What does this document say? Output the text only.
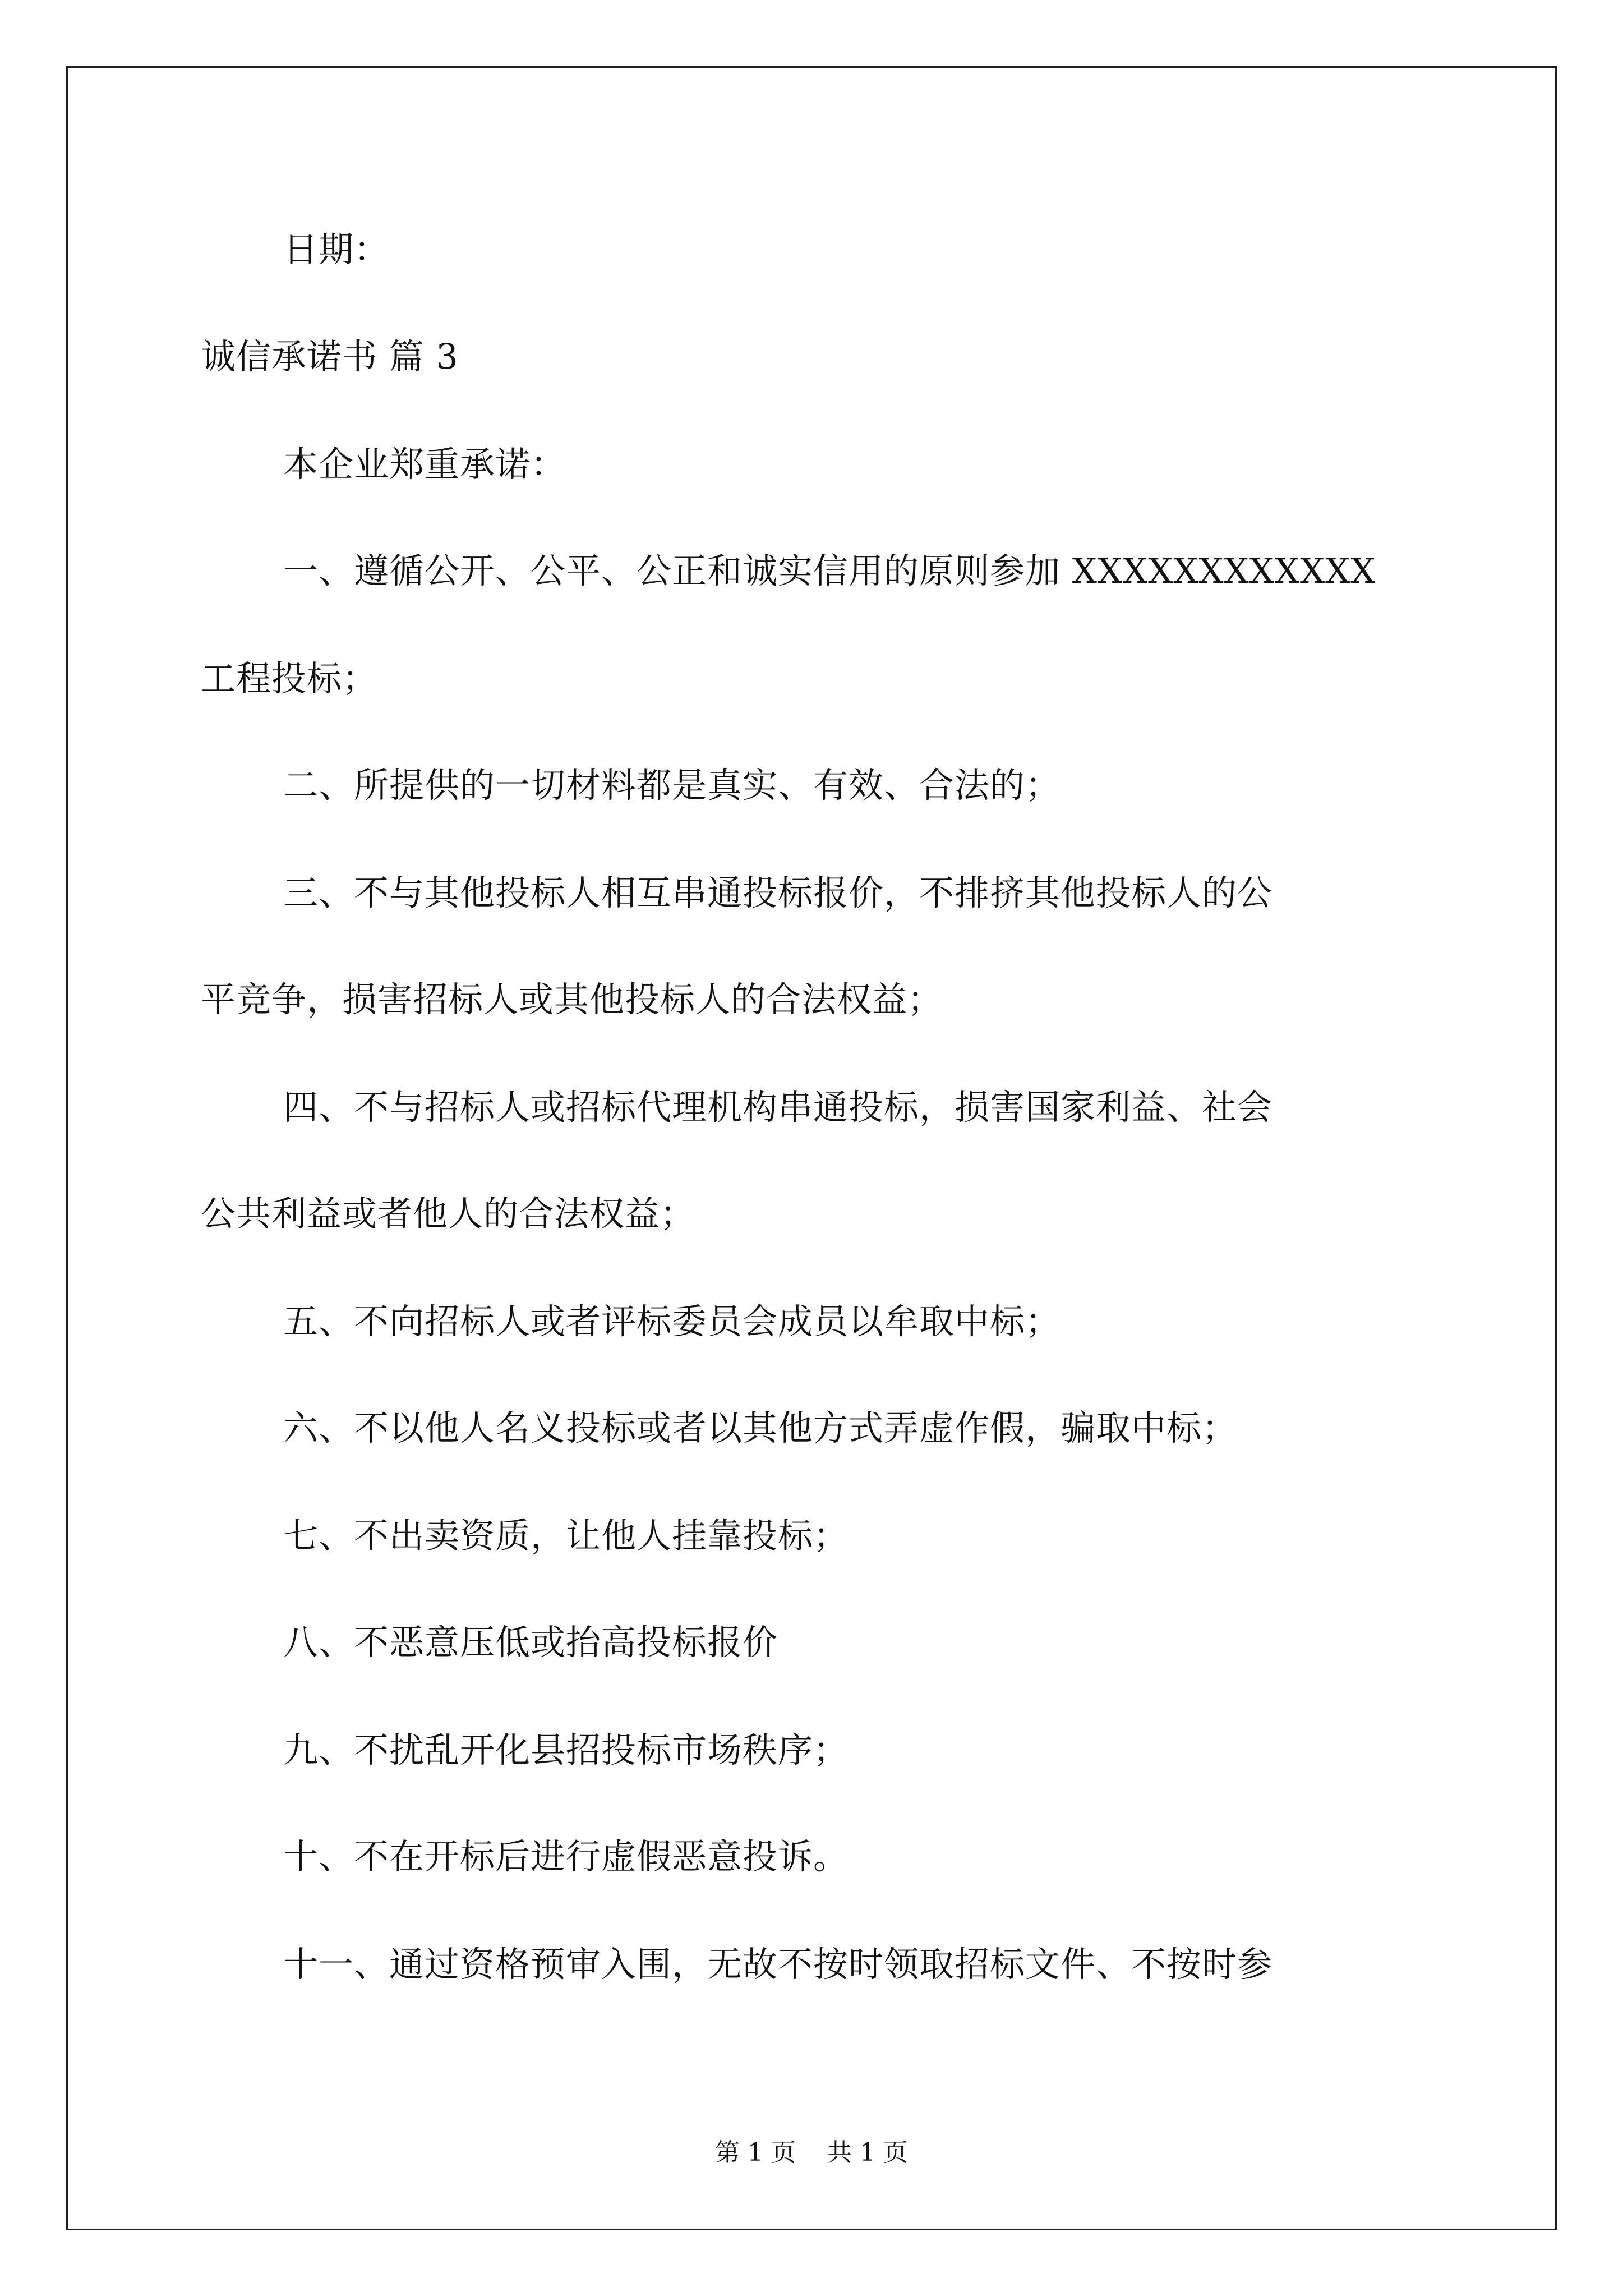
日期：
诚信承诺书 篇 3
本企业郑重承诺：
一、遵循公开、公平、公正和诚实信用的原则参加 XXXXXXXXXXXX
工程投标；
二、所提供的一切材料都是真实、有效、合法的；
三、不与其他投标人相互串通投标报价，不排挤其他投标人的公
平竞争，损害招标人或其他投标人的合法权益；
四、不与招标人或招标代理机构串通投标，损害国家利益、社会
公共利益或者他人的合法权益；
五、不向招标人或者评标委员会成员以牟取中标；
六、不以他人名义投标或者以其他方式弄虚作假，骗取中标；
七、不出卖资质，让他人挂靠投标；
八、不恶意压低或抬高投标报价
九、不扰乱开化县招投标市场秩序；
十、不在开标后进行虚假恶意投诉。
十一、通过资格预审入围，无故不按时领取招标文件、不按时参
第 1 页    共 1 页
